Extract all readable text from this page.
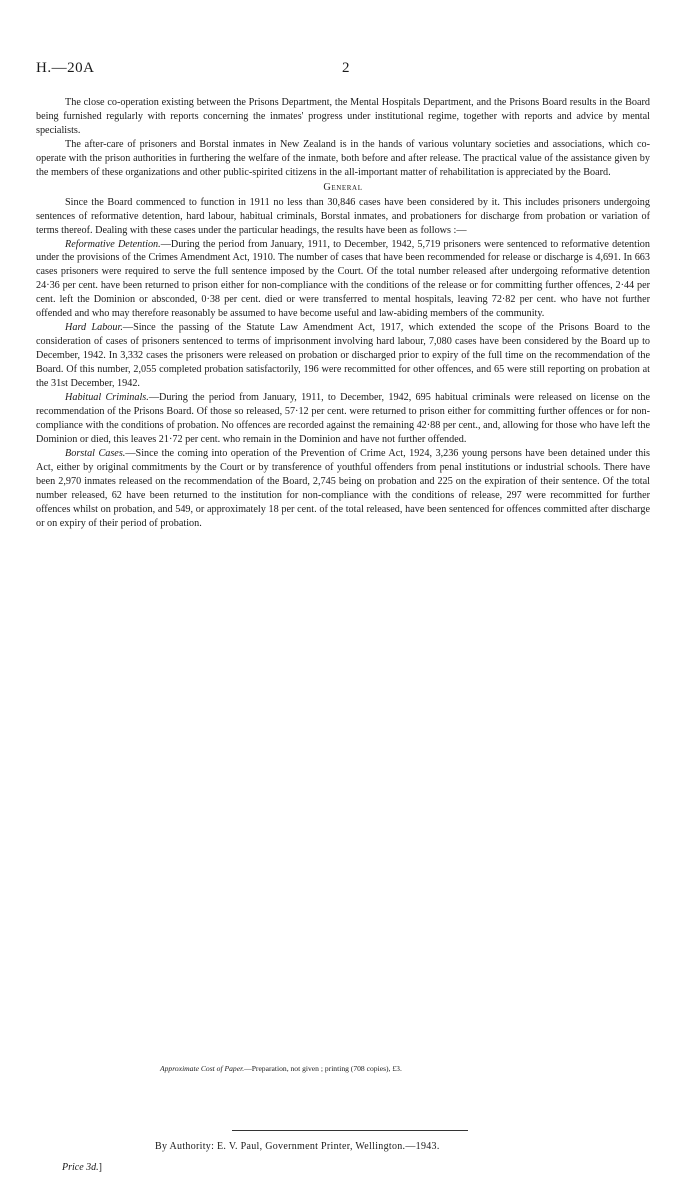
H.—20A	2

The close co-operation existing between the Prisons Department, the Mental Hospitals Department, and the Prisons Board results in the Board being furnished regularly with reports concerning the inmates' progress under institutional regime, together with reports and advice by mental specialists.

The after-care of prisoners and Borstal inmates in New Zealand is in the hands of various voluntary societies and associations, which co-operate with the prison authorities in furthering the welfare of the inmate, both before and after release. The practical value of the assistance given by the members of these organizations and other public-spirited citizens in the all-important matter of rehabilitation is appreciated by the Board.

General

Since the Board commenced to function in 1911 no less than 30,846 cases have been considered by it. This includes prisoners undergoing sentences of reformative detention, hard labour, habitual criminals, Borstal inmates, and probationers for discharge from probation or variation of terms thereof. Dealing with these cases under the particular headings, the results have been as follows :—

Reformative Detention.—During the period from January, 1911, to December, 1942, 5,719 prisoners were sentenced to reformative detention under the provisions of the Crimes Amendment Act, 1910. The number of cases that have been recommended for release or discharge is 4,691. In 663 cases prisoners were required to serve the full sentence imposed by the Court. Of the total number released after undergoing reformative detention 24·36 per cent. have been returned to prison either for non-compliance with the conditions of the release or for committing further offences, 2·44 per cent. left the Dominion or absconded, 0·38 per cent. died or were transferred to mental hospitals, leaving 72·82 per cent. who have not further offended and who may therefore reasonably be assumed to have become useful and law-abiding members of the community.

Hard Labour.—Since the passing of the Statute Law Amendment Act, 1917, which extended the scope of the Prisons Board to the consideration of cases of prisoners sentenced to terms of imprisonment involving hard labour, 7,080 cases have been considered by the Board up to December, 1942. In 3,332 cases the prisoners were released on probation or discharged prior to expiry of the full time on the recommendation of the Board. Of this number, 2,055 completed probation satisfactorily, 196 were recommitted for other offences, and 65 were still reporting on probation at the 31st December, 1942.

Habitual Criminals.—During the period from January, 1911, to December, 1942, 695 habitual criminals were released on license on the recommendation of the Prisons Board. Of those so released, 57·12 per cent. were returned to prison either for committing further offences or for non-compliance with the conditions of probation. No offences are recorded against the remaining 42·88 per cent., and, allowing for those who have left the Dominion or died, this leaves 21·72 per cent. who remain in the Dominion and have not further offended.

Borstal Cases.—Since the coming into operation of the Prevention of Crime Act, 1924, 3,236 young persons have been detained under this Act, either by original commitments by the Court or by transference of youthful offenders from penal institutions or industrial schools. There have been 2,970 inmates released on the recommendation of the Board, 2,745 being on probation and 225 on the expiration of their sentence. Of the total number released, 62 have been returned to the institution for non-compliance with the conditions of release, 297 were recommitted for further offences whilst on probation, and 549, or approximately 18 per cent. of the total released, have been sentenced for offences committed after discharge or on expiry of their period of probation.

Approximate Cost of Paper.—Preparation, not given ; printing (708 copies), £3.
By Authority: E. V. Paul, Government Printer, Wellington.—1943.
Price 3d.]
